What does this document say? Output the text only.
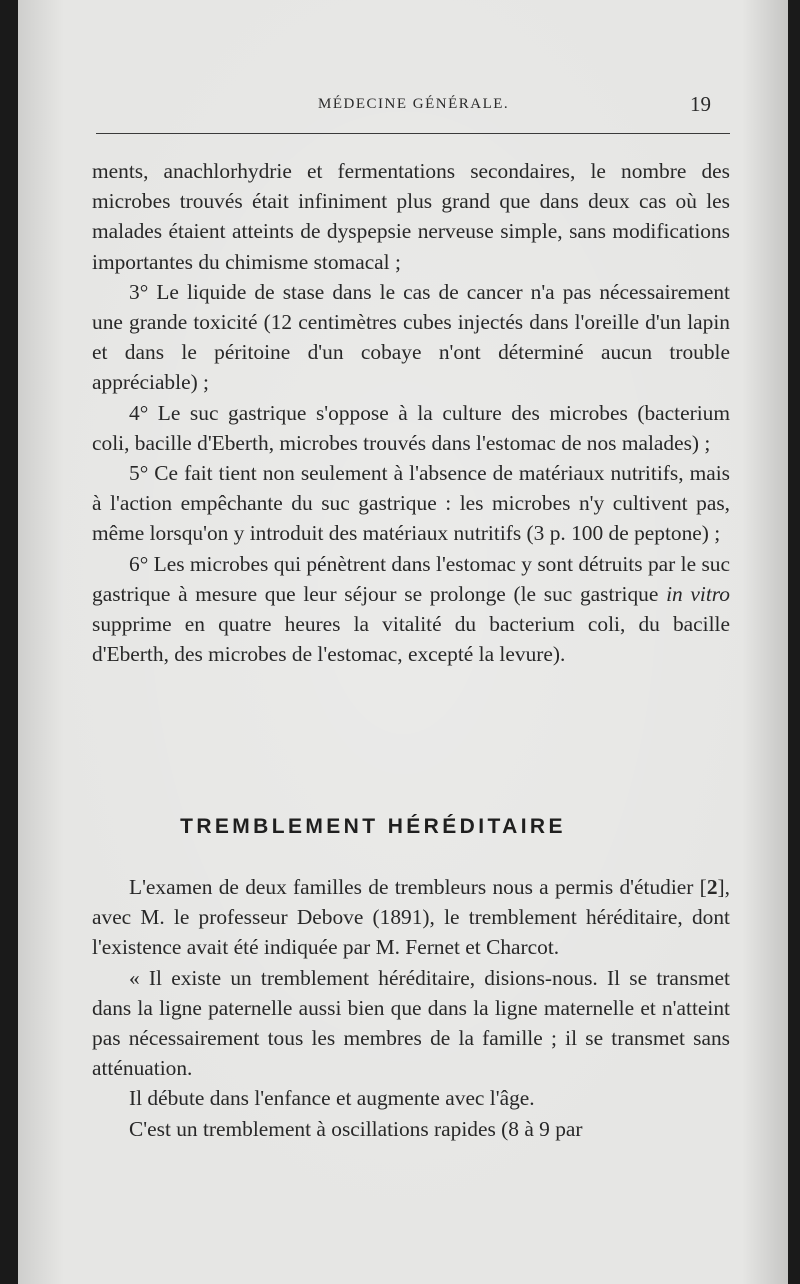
MÉDECINE GÉNÉRALE.	19

ments, anachlorhydrie et fermentations secondaires, le nombre des microbes trouvés était infiniment plus grand que dans deux cas où les malades étaient atteints de dyspepsie nerveuse simple, sans modifications importantes du chimisme stomacal ;

3° Le liquide de stase dans le cas de cancer n'a pas nécessairement une grande toxicité (12 centimètres cubes injectés dans l'oreille d'un lapin et dans le péritoine d'un cobaye n'ont déterminé aucun trouble appréciable) ;

4° Le suc gastrique s'oppose à la culture des microbes (bacterium coli, bacille d'Eberth, microbes trouvés dans l'estomac de nos malades) ;

5° Ce fait tient non seulement à l'absence de matériaux nutritifs, mais à l'action empêchante du suc gastrique : les microbes n'y cultivent pas, même lorsqu'on y introduit des matériaux nutritifs (3 p. 100 de peptone) ;

6° Les microbes qui pénètrent dans l'estomac y sont détruits par le suc gastrique à mesure que leur séjour se prolonge (le suc gastrique in vitro supprime en quatre heures la vitalité du bacterium coli, du bacille d'Eberth, des microbes de l'estomac, excepté la levure).

TREMBLEMENT HÉRÉDITAIRE

L'examen de deux familles de trembleurs nous a permis d'étudier [2], avec M. le professeur Debove (1891), le tremblement héréditaire, dont l'existence avait été indiquée par M. Fernet et Charcot.

« Il existe un tremblement héréditaire, disions-nous. Il se transmet dans la ligne paternelle aussi bien que dans la ligne maternelle et n'atteint pas nécessairement tous les membres de la famille ; il se transmet sans atténuation.

Il débute dans l'enfance et augmente avec l'âge.

C'est un tremblement à oscillations rapides (8 à 9 par
